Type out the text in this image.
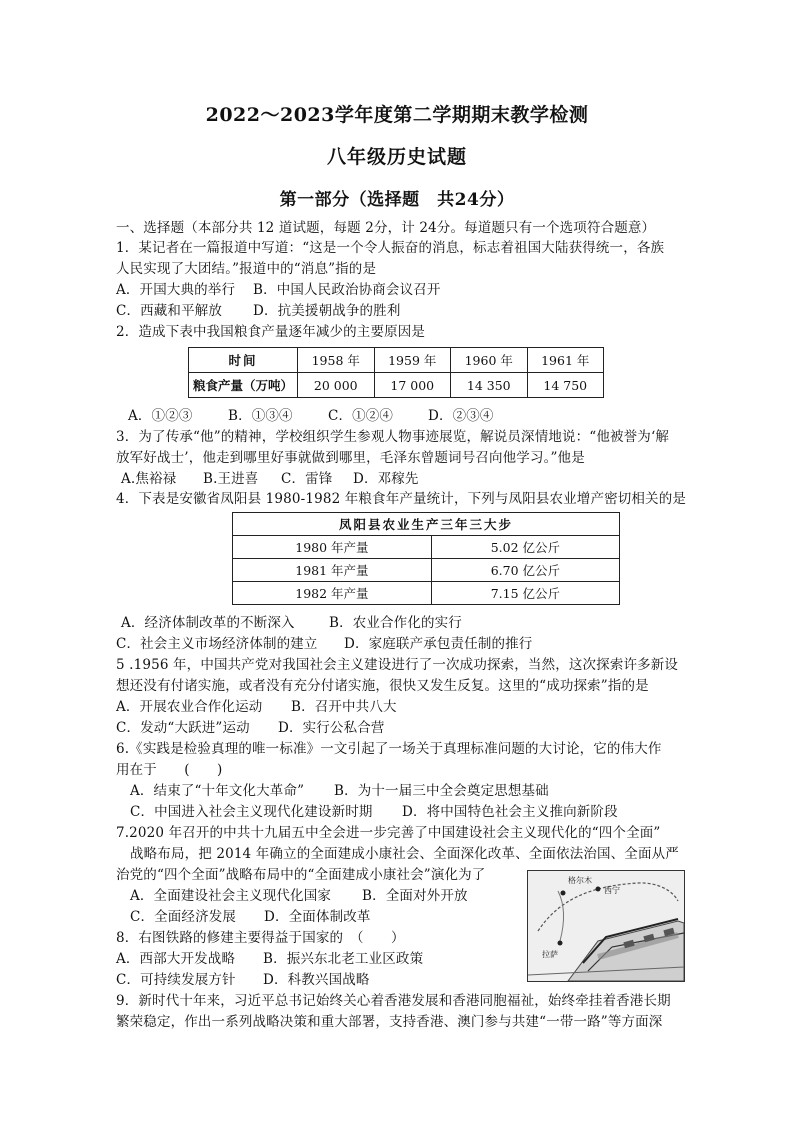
2022～2023学年度第二学期期末教学检测
八年级历史试题
第一部分（选择题　共24分）
一、选择题（本部分共 12 道试题，每题 2分，计 24分。每道题只有一个选项符合题意）
1．某记者在一篇报道中写道：“这是一个令人振奋的消息，标志着祖国大陆获得统一，各族
人民实现了大团结。”报道中的“消息”指的是
A．开国大典的举行 B．中国人民政治协商会议召开
C．西藏和平解放 D．抗美援朝战争的胜利
2．造成下表中我国粮食产量逐年减少的主要原因是
时间	1958 年	1959 年	1960 年	1961 年
粮食产量（万吨）	20 000	17 000	14 350	14 750
A．①②③	B．①③④	C．①②④	D．②③④
3．为了传承“他”的精神，学校组织学生参观人物事迹展览，解说员深情地说：“他被誉为‘解
放军好战士’，他走到哪里好事就做到哪里，毛泽东曾题词号召向他学习。”他是
A.焦裕禄 B.王进喜 C．雷锋 D．邓稼先
4．下表是安徽省凤阳县 1980-1982 年粮食年产量统计，下列与凤阳县农业增产密切相关的是
凤阳县农业生产三年三大步	
1980 年产量	5.02 亿公斤
1981 年产量	6.70 亿公斤
1982 年产量	7.15 亿公斤
A．经济体制改革的不断深入	B．农业合作化的实行
C．社会主义市场经济体制的建立 D．家庭联产承包责任制的推行
5 .1956 年，中国共产党对我国社会主义建设进行了一次成功探索，当然，这次探索许多新设
想还没有付诸实施，或者没有充分付诸实施，很快又发生反复。这里的“成功探索”指的是
A．开展农业合作化运动 B．召开中共八大
C．发动“大跃进”运动 D．实行公私合营
6.《实践是检验真理的唯一标准》一文引起了一场关于真理标准问题的大讨论，它的伟大作
用在于　　(　　)
A．结束了“十年文化大革命” B．为十一届三中全会奠定思想基础
C．中国进入社会主义现代化建设新时期 D．将中国特色社会主义推向新阶段
7.2020 年召开的中共十九届五中全会进一步完善了中国建设社会主义现代化的“四个全面”
战略布局，把 2014 年确立的全面建成小康社会、全面深化改革、全面依法治国、全面从严
治党的“四个全面”战略布局中的“全面建成小康社会”演化为了
A．全面建设社会主义现代化国家 B．全面对外开放
C．全面经济发展 D．全面体制改革
8．右图铁路的修建主要得益于国家的　（　　）
A．西部大开发战略 B．振兴东北老工业区政策
C．可持续发展方针 D．科教兴国战略
格尔木
西宁
拉萨
9．新时代十年来，习近平总书记始终关心着香港发展和香港同胞福祉，始终牵挂着香港长期
繁荣稳定，作出一系列战略决策和重大部署，支持香港、澳门参与共建“一带一路”等方面深
